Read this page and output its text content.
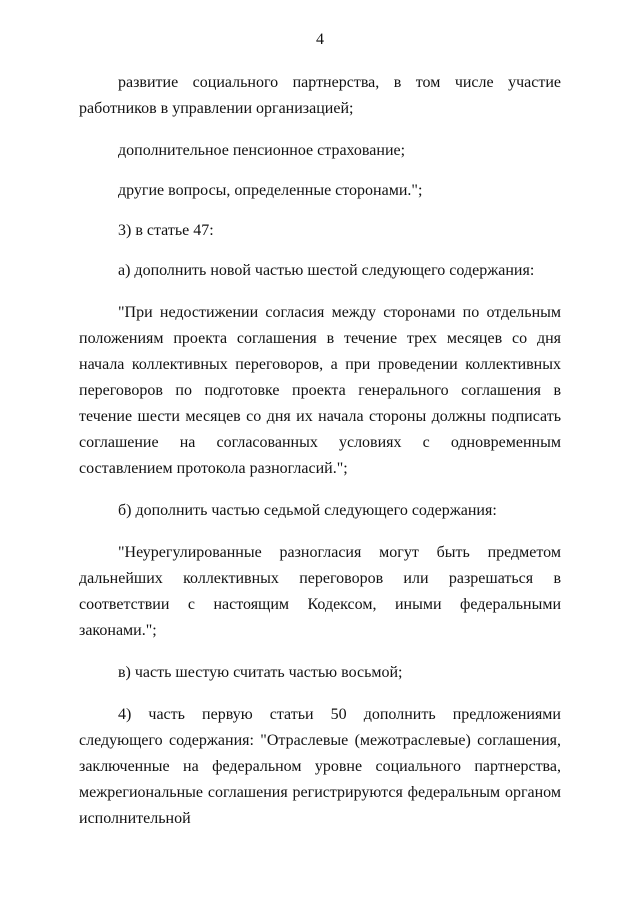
4

развитие социального партнерства, в том числе участие работников в управлении организацией;

дополнительное пенсионное страхование;

другие вопросы, определенные сторонами.";

3) в статье 47:

а) дополнить новой частью шестой следующего содержания:

"При недостижении согласия между сторонами по отдельным положениям проекта соглашения в течение трех месяцев со дня начала коллективных переговоров, а при проведении коллективных переговоров по подготовке проекта генерального соглашения в течение шести месяцев со дня их начала стороны должны подписать соглашение на согласованных условиях с одновременным составлением протокола разногласий.";

б) дополнить частью седьмой следующего содержания:

"Неурегулированные разногласия могут быть предметом дальнейших коллективных переговоров или разрешаться в соответствии с настоящим Кодексом, иными федеральными законами.";

в) часть шестую считать частью восьмой;

4) часть первую статьи 50 дополнить предложениями следующего содержания: "Отраслевые (межотраслевые) соглашения, заключенные на федеральном уровне социального партнерства, межрегиональные соглашения регистрируются федеральным органом исполнительной
